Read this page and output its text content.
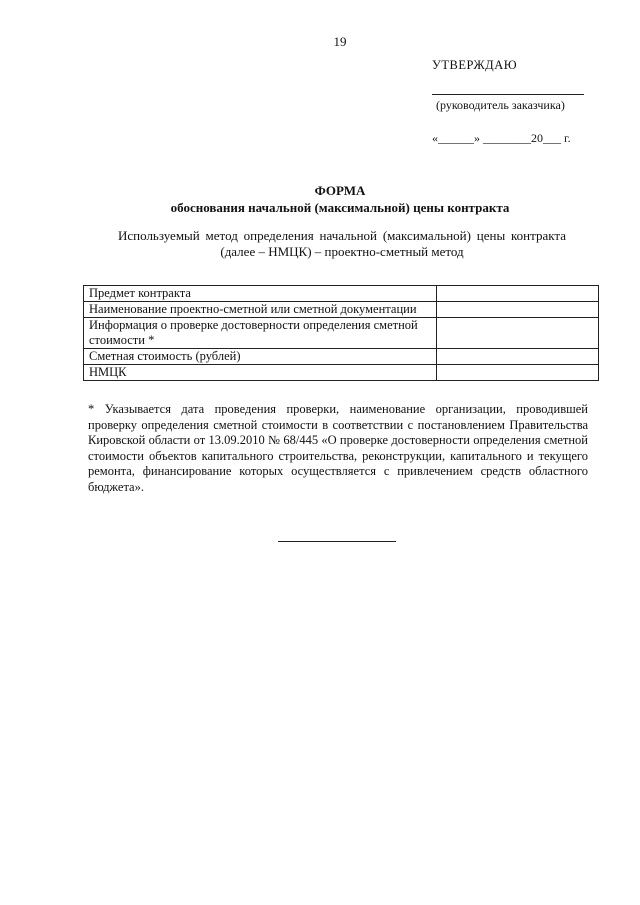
19
УТВЕРЖДАЮ
(руководитель заказчика)
«______» ________20___ г.
ФОРМА
обоснования начальной (максимальной) цены контракта
Используемый метод определения начальной (максимальной) цены контракта (далее – НМЦК) – проектно-сметный метод
Предмет контракта	
Наименование проектно-сметной или сметной документации	
Информация о проверке достоверности определения сметной стоимости *	
Сметная стоимость (рублей)	
НМЦК	
* Указывается дата проведения проверки, наименование организации, проводившей проверку определения сметной стоимости в соответствии с постановлением Правительства Кировской области от 13.09.2010 № 68/445 «О проверке достоверности определения сметной стоимости объектов капитального строительства, реконструкции, капитального и текущего ремонта, финансирование которых осуществляется с привлечением средств областного бюджета».
